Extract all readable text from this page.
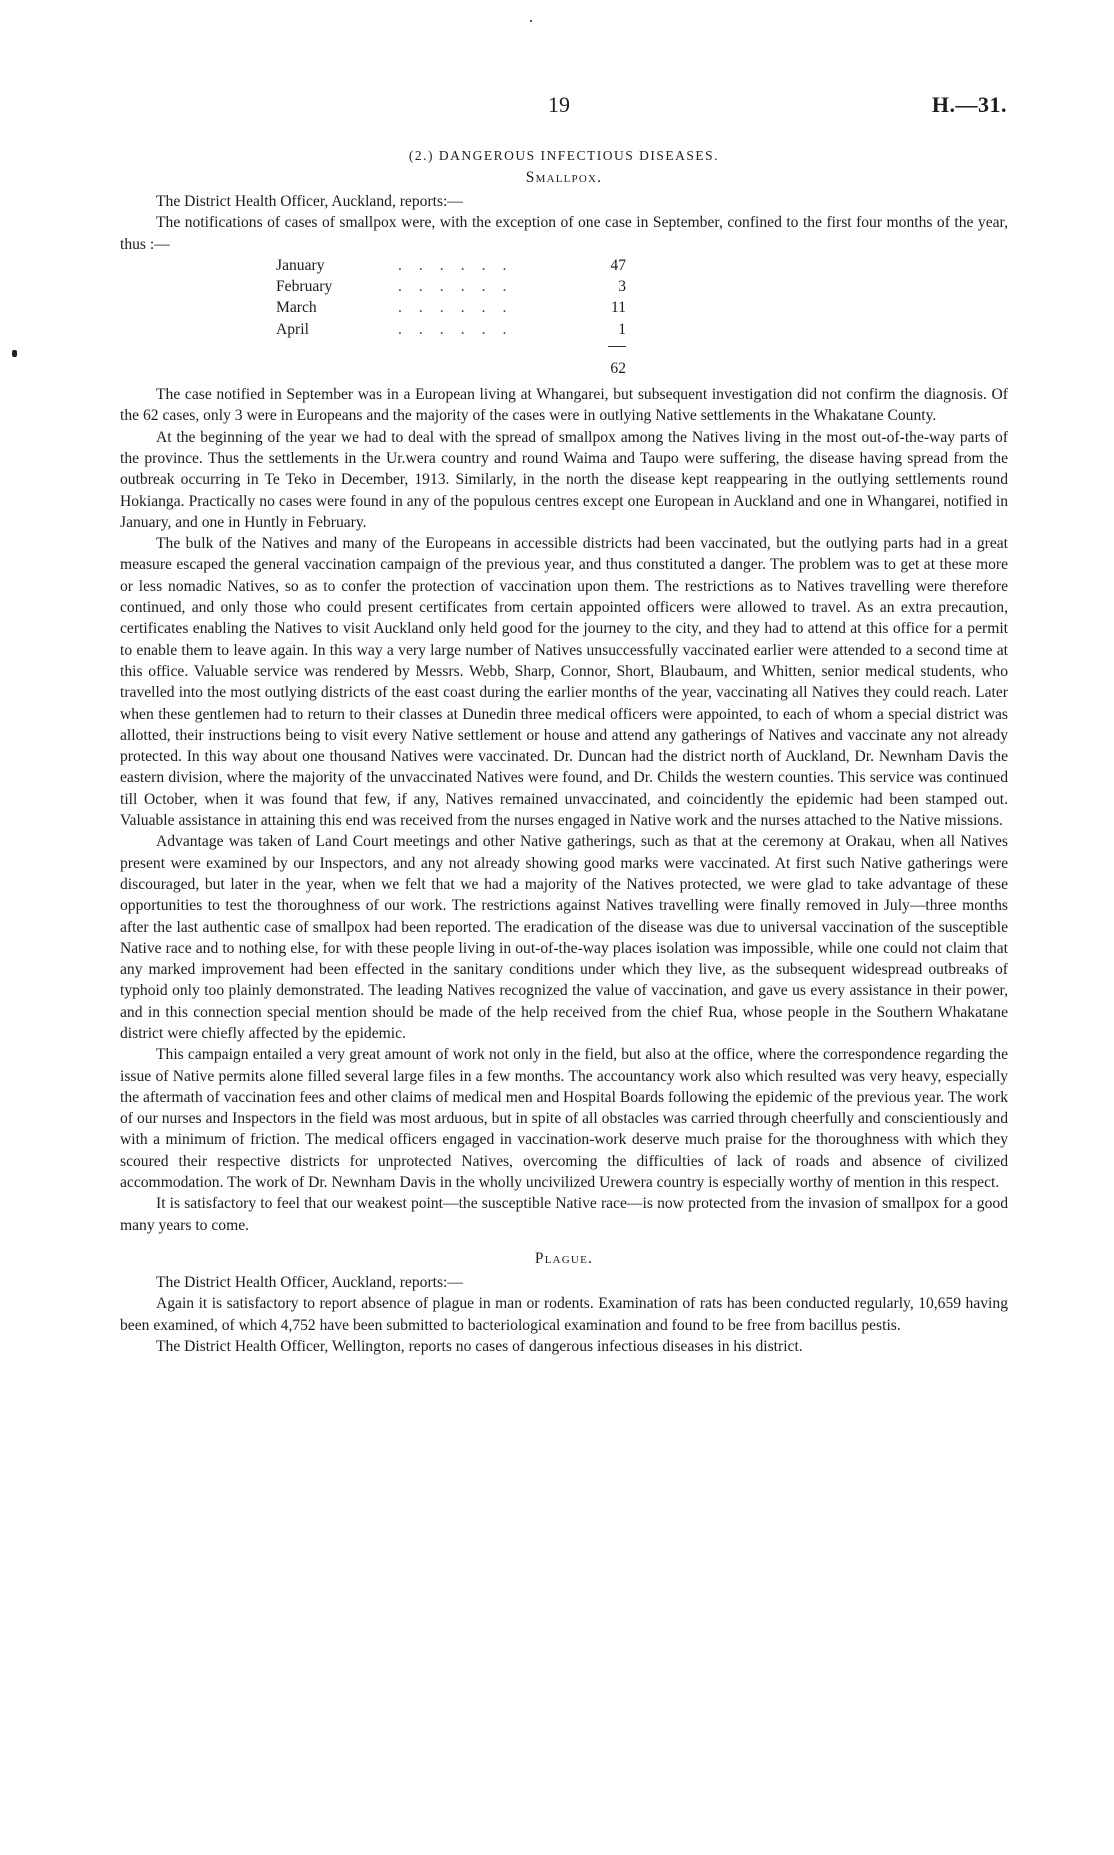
19	H.—31.
(2.) DANGEROUS INFECTIOUS DISEASES.
Smallpox.
The District Health Officer, Auckland, reports:—

The notifications of cases of smallpox were, with the exception of one case in September, confined to the first four months of the year, thus :—

January	......	47
February	......	3
March	......	11
April	......	1
62

The case notified in September was in a European living at Whangarei, but subsequent investigation did not confirm the diagnosis. Of the 62 cases, only 3 were in Europeans and the majority of the cases were in outlying Native settlements in the Whakatane County.

At the beginning of the year we had to deal with the spread of smallpox among the Natives living in the most out-of-the-way parts of the province. Thus the settlements in the Ur.wera country and round Waima and Taupo were suffering, the disease having spread from the outbreak occurring in Te Teko in December, 1913. Similarly, in the north the disease kept reappearing in the outlying settlements round Hokianga. Practically no cases were found in any of the populous centres except one European in Auckland and one in Whangarei, notified in January, and one in Huntly in February.

The bulk of the Natives and many of the Europeans in accessible districts had been vaccinated, but the outlying parts had in a great measure escaped the general vaccination campaign of the previous year, and thus constituted a danger. The problem was to get at these more or less nomadic Natives, so as to confer the protection of vaccination upon them. The restrictions as to Natives travelling were therefore continued, and only those who could present certificates from certain appointed officers were allowed to travel. As an extra precaution, certificates enabling the Natives to visit Auckland only held good for the journey to the city, and they had to attend at this office for a permit to enable them to leave again. In this way a very large number of Natives unsuccessfully vaccinated earlier were attended to a second time at this office. Valuable service was rendered by Messrs. Webb, Sharp, Connor, Short, Blaubaum, and Whitten, senior medical students, who travelled into the most outlying districts of the east coast during the earlier months of the year, vaccinating all Natives they could reach. Later when these gentlemen had to return to their classes at Dunedin three medical officers were appointed, to each of whom a special district was allotted, their instructions being to visit every Native settlement or house and attend any gatherings of Natives and vaccinate any not already protected. In this way about one thousand Natives were vaccinated. Dr. Duncan had the district north of Auckland, Dr. Newnham Davis the eastern division, where the majority of the unvaccinated Natives were found, and Dr. Childs the western counties. This service was continued till October, when it was found that few, if any, Natives remained unvaccinated, and coincidently the epidemic had been stamped out. Valuable assistance in attaining this end was received from the nurses engaged in Native work and the nurses attached to the Native missions.

Advantage was taken of Land Court meetings and other Native gatherings, such as that at the ceremony at Orakau, when all Natives present were examined by our Inspectors, and any not already showing good marks were vaccinated. At first such Native gatherings were discouraged, but later in the year, when we felt that we had a majority of the Natives protected, we were glad to take advantage of these opportunities to test the thoroughness of our work. The restrictions against Natives travelling were finally removed in July—three months after the last authentic case of smallpox had been reported. The eradication of the disease was due to universal vaccination of the susceptible Native race and to nothing else, for with these people living in out-of-the-way places isolation was impossible, while one could not claim that any marked improvement had been effected in the sanitary conditions under which they live, as the subsequent widespread outbreaks of typhoid only too plainly demonstrated. The leading Natives recognized the value of vaccination, and gave us every assistance in their power, and in this connection special mention should be made of the help received from the chief Rua, whose people in the Southern Whakatane district were chiefly affected by the epidemic.

This campaign entailed a very great amount of work not only in the field, but also at the office, where the correspondence regarding the issue of Native permits alone filled several large files in a few months. The accountancy work also which resulted was very heavy, especially the aftermath of vaccination fees and other claims of medical men and Hospital Boards following the epidemic of the previous year. The work of our nurses and Inspectors in the field was most arduous, but in spite of all obstacles was carried through cheerfully and conscientiously and with a minimum of friction. The medical officers engaged in vaccination-work deserve much praise for the thoroughness with which they scoured their respective districts for unprotected Natives, overcoming the difficulties of lack of roads and absence of civilized accommodation. The work of Dr. Newnham Davis in the wholly uncivilized Urewera country is especially worthy of mention in this respect.

It is satisfactory to feel that our weakest point—the susceptible Native race—is now protected from the invasion of smallpox for a good many years to come.

Plague.
The District Health Officer, Auckland, reports:—

Again it is satisfactory to report absence of plague in man or rodents. Examination of rats has been conducted regularly, 10,659 having been examined, of which 4,752 have been submitted to bacteriological examination and found to be free from bacillus pestis.

The District Health Officer, Wellington, reports no cases of dangerous infectious diseases in his district.
